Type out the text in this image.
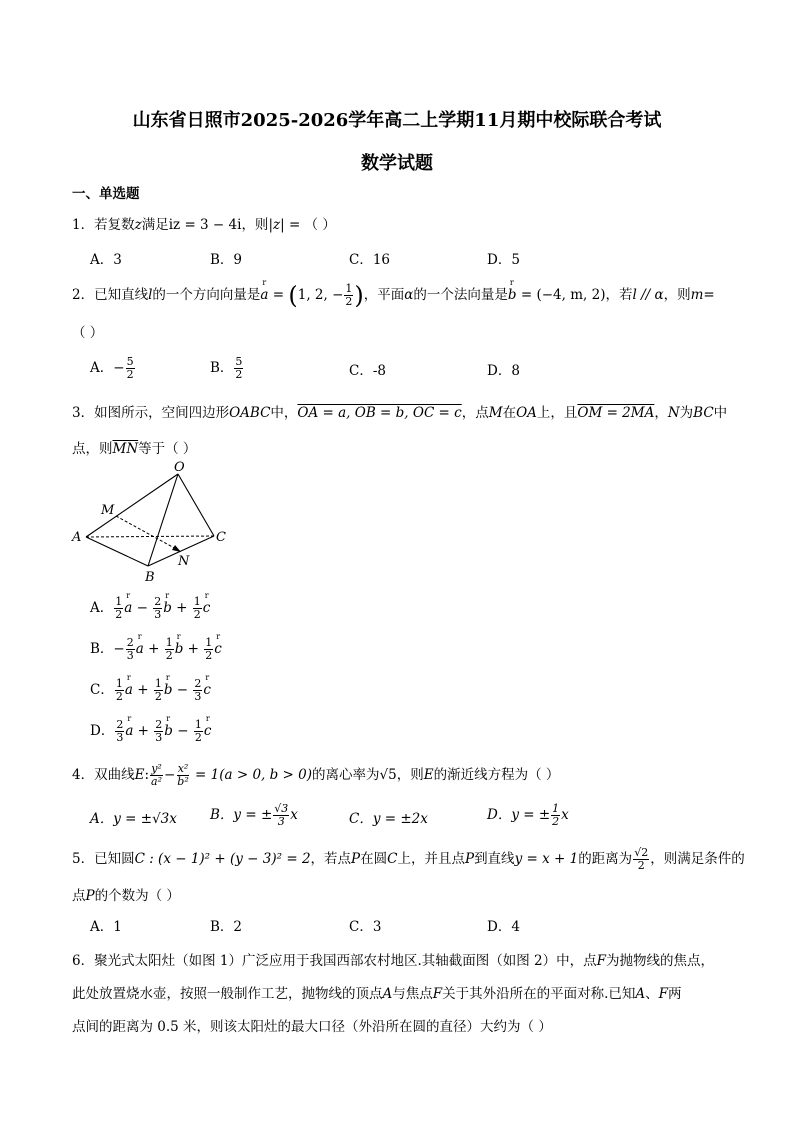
山东省日照市2025-2026学年高二上学期11月期中校际联合考试
数学试题
一、单选题
1．若复数z满足iz = 3 − 4i，则|z| = （ ）
A．3	B．9	C．16	D．5
2．已知直线l的一个方向向量是r a = (1, 2, − $\frac{1}{2}$ )，平面α的一个法向量是r b = (−4, m, 2)，若l // α，则m=
（ ）
A．− $\frac{5}{2}$	B． $\frac{5}{2}$	C．-8	D．8
3．如图所示，空间四边形OABC中，OA = a, OB = b, OC = c，点M在OA上，且OM = 2MA，N为BC中
点，则$\overline{MN}$等于（ ）
O
M
A
B
C
N
A． $\frac{1}{2}$ r $a - \frac{2}{3}$ r $b + \frac{1}{2}$ r c
B．− $\frac{2}{3}$ r $a + \frac{1}{2}$ r $b + \frac{1}{2}$ r c
C． $\frac{1}{2}$ r $a + \frac{1}{2}$ r $b - \frac{2}{3}$ r c
D． $\frac{2}{3}$ r $a + \frac{2}{3}$ r $b - \frac{1}{2}$ r c
4．双曲线E: $\frac{\text{y²}}{\text{a²}} - \frac{\text{x²}}{\text{b²}} = 1(a > 0$, b > 0)的离心率为√5，则E的渐近线方程为（ ）
A．y = ±√3x B．y = ± $\frac{√3}{3}$ x	C．y = ±2x	D．y = ± $\frac{1}{2}$ x
5．已知圆C : (x − 1)² + (y − 3)² = 2，若点P在圆C上，并且点P到直线y = x + 1的距离为 $\frac{√2}{2}$ ，则满足条件的
点P的个数为（ ）
A．1	B．2	C．3	D．4
6．聚光式太阳灶（如图 1）广泛应用于我国西部农村地区.其轴截面图（如图 2）中，点F为抛物线的焦点，
此处放置烧水壶，按照一般制作工艺，抛物线的顶点A与焦点F关于其外沿所在的平面对称.已知A、F两
点间的距离为 0.5 米，则该太阳灶的最大口径（外沿所在圆的直径）大约为（ ）
